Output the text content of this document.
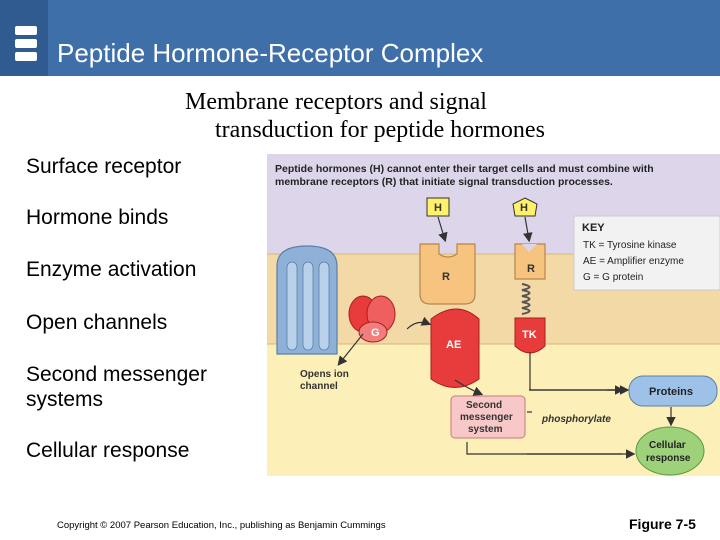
Peptide Hormone-Receptor Complex
Membrane receptors and signal
transduction for peptide hormones
Surface receptor
Hormone binds
Enzyme activation
Open channels
Second messenger
systems
Cellular response
Peptide hormones (H) cannot enter their target cells and must combine with
membrane receptors (R) that initiate signal transduction processes.
G
R
H
AE
H
R
TK
KEY
TK = Tyrosine kinase
AE = Amplifier enzyme
G = G protein
Opens ion
channel
Second
messenger
system
phosphorylate
Proteins
Cellular
response
Copyright © 2007 Pearson Education, Inc., publishing as Benjamin Cummings	Figure 7-5
